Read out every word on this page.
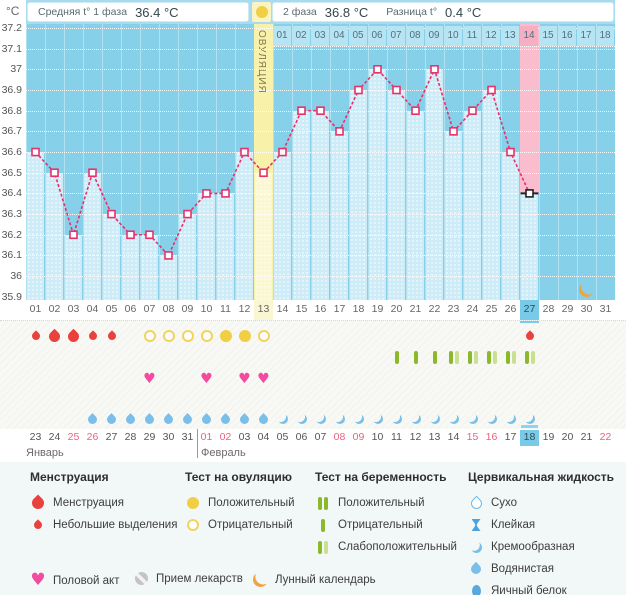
°С Средняя t° 1 фаза 36.4 °С	2 фаза 36.8 °С Разница t° 0.4 °С
37.2
37.1
37
36.9
36.8
36.7
36.6
36.5
36.4
36.3
36.2
36.1
36
35.9
ОВУЛЯЦИЯ 01 02 03 04 05 06 07 08 09 10 11 12 13 14 15 16 17 18
01 02 03 04 05 06 07 08 09 10 11 12 13 14 15 16 17 18 19 20 21 22 23 24 25 26 27 28 29 30 31
♥
♥
♥
♥
23 24 25 26 27 28 29 30 31 01 02 03 04 05 06 07 08 09 10 11 12 13 14 15 16 17 18 19 20 21 22
Менструация
Менструация
Небольшие выделения
Тест на овуляцию
Положительный
Отрицательный
Тест на беременность
Положительный
Отрицательный
Слабоположительный
Цервикальная жидкость
Сухо
Клейкая
Кремообразная
Водянистая
Яичный белок
♥
Половой акт	Прием лекарств	Лунный календарь
Январь	Февраль
